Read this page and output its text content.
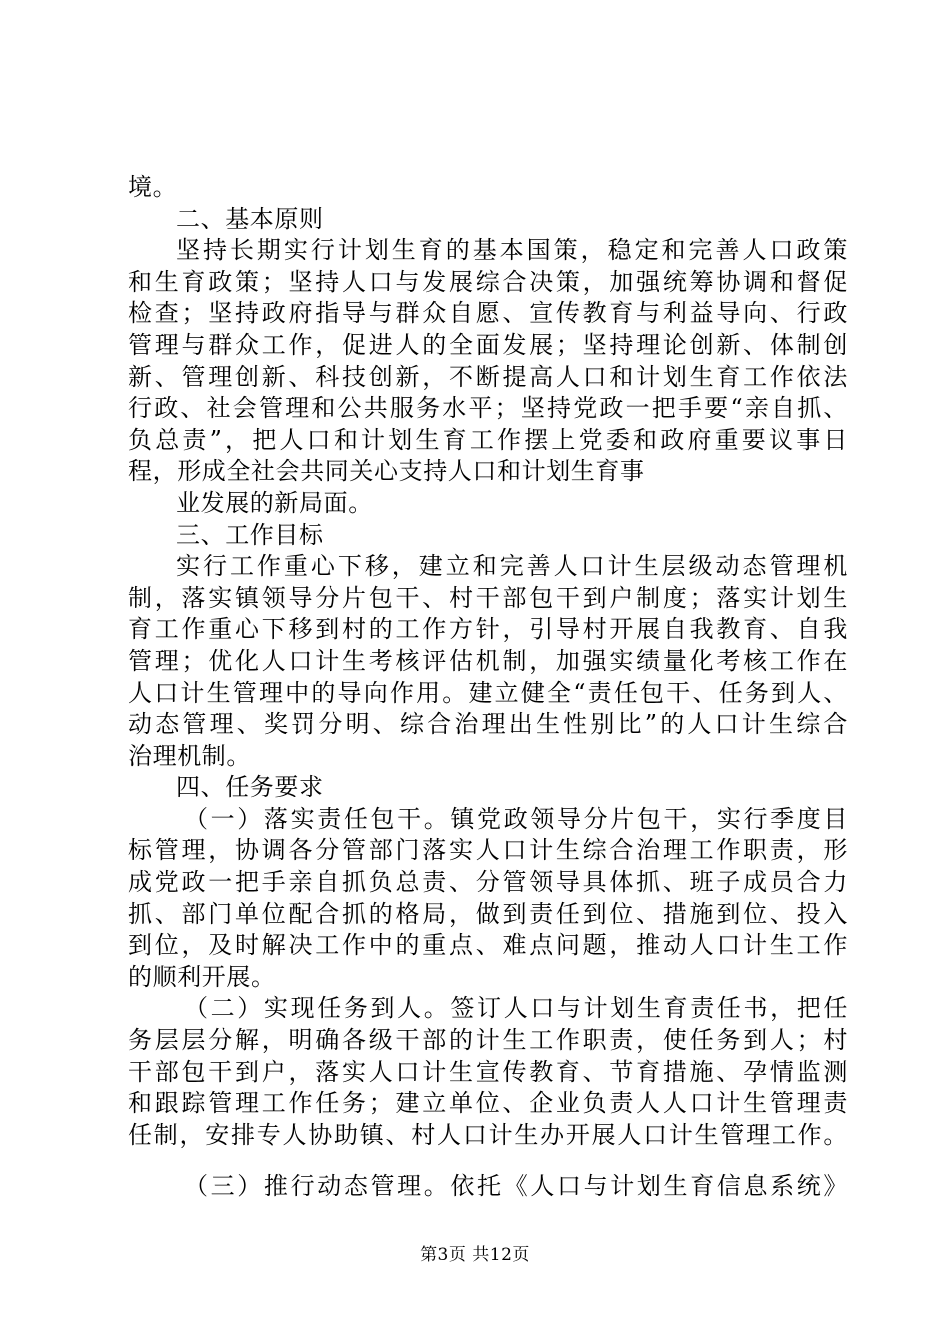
境。
二、基本原则
坚持长期实行计划生育的基本国策，稳定和完善人口政策
和生育政策；坚持人口与发展综合决策，加强统筹协调和督促
检查；坚持政府指导与群众自愿、宣传教育与利益导向、行政
管理与群众工作，促进人的全面发展；坚持理论创新、体制创
新、管理创新、科技创新，不断提高人口和计划生育工作依法
行政、社会管理和公共服务水平；坚持党政一把手要“亲自抓、
负总责”，把人口和计划生育工作摆上党委和政府重要议事日
程，形成全社会共同关心支持人口和计划生育事
业发展的新局面。
三、工作目标
实行工作重心下移，建立和完善人口计生层级动态管理机
制，落实镇领导分片包干、村干部包干到户制度；落实计划生
育工作重心下移到村的工作方针，引导村开展自我教育、自我
管理；优化人口计生考核评估机制，加强实绩量化考核工作在
人口计生管理中的导向作用。建立健全“责任包干、任务到人、
动态管理、奖罚分明、综合治理出生性别比”的人口计生综合
治理机制。
四、任务要求
（一）落实责任包干。镇党政领导分片包干，实行季度目
标管理，协调各分管部门落实人口计生综合治理工作职责，形
成党政一把手亲自抓负总责、分管领导具体抓、班子成员合力
抓、部门单位配合抓的格局，做到责任到位、措施到位、投入
到位，及时解决工作中的重点、难点问题，推动人口计生工作
的顺利开展。
（二）实现任务到人。签订人口与计划生育责任书，把任
务层层分解，明确各级干部的计生工作职责，使任务到人；村
干部包干到户，落实人口计生宣传教育、节育措施、孕情监测
和跟踪管理工作任务；建立单位、企业负责人人口计生管理责
任制，安排专人协助镇、村人口计生办开展人口计生管理工作。
（三）推行动态管理。依托《人口与计划生育信息系统》
第3页 共12页
